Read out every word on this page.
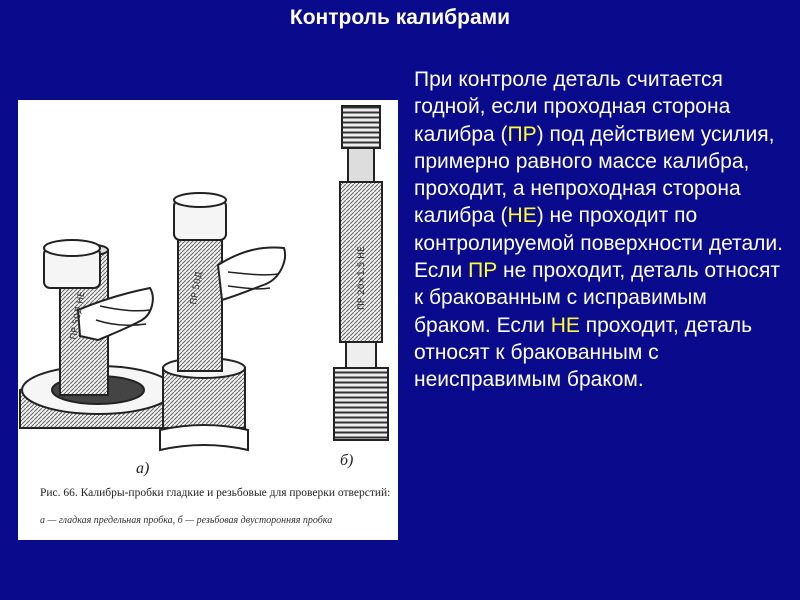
Контроль калибрами
ПР 50Д НЕ
ПР 50Д	ПР 20×1,5 НЕ
а)	б)
Рис. 66. Калибры-пробки гладкие и резьбовые для проверки отверстий:
а — гладкая предельная пробка, б — резьбовая двусторонняя пробка
При контроле деталь считается годной, если проходная сторона калибра (ПР) под действием усилия, примерно равного массе калибра, проходит, а непроходная сторона калибра (НЕ) не проходит по контролируемой поверхности детали. Если ПР не проходит, деталь относят к бракованным с исправимым браком. Если НЕ проходит, деталь относят к бракованным с неисправимым браком.
